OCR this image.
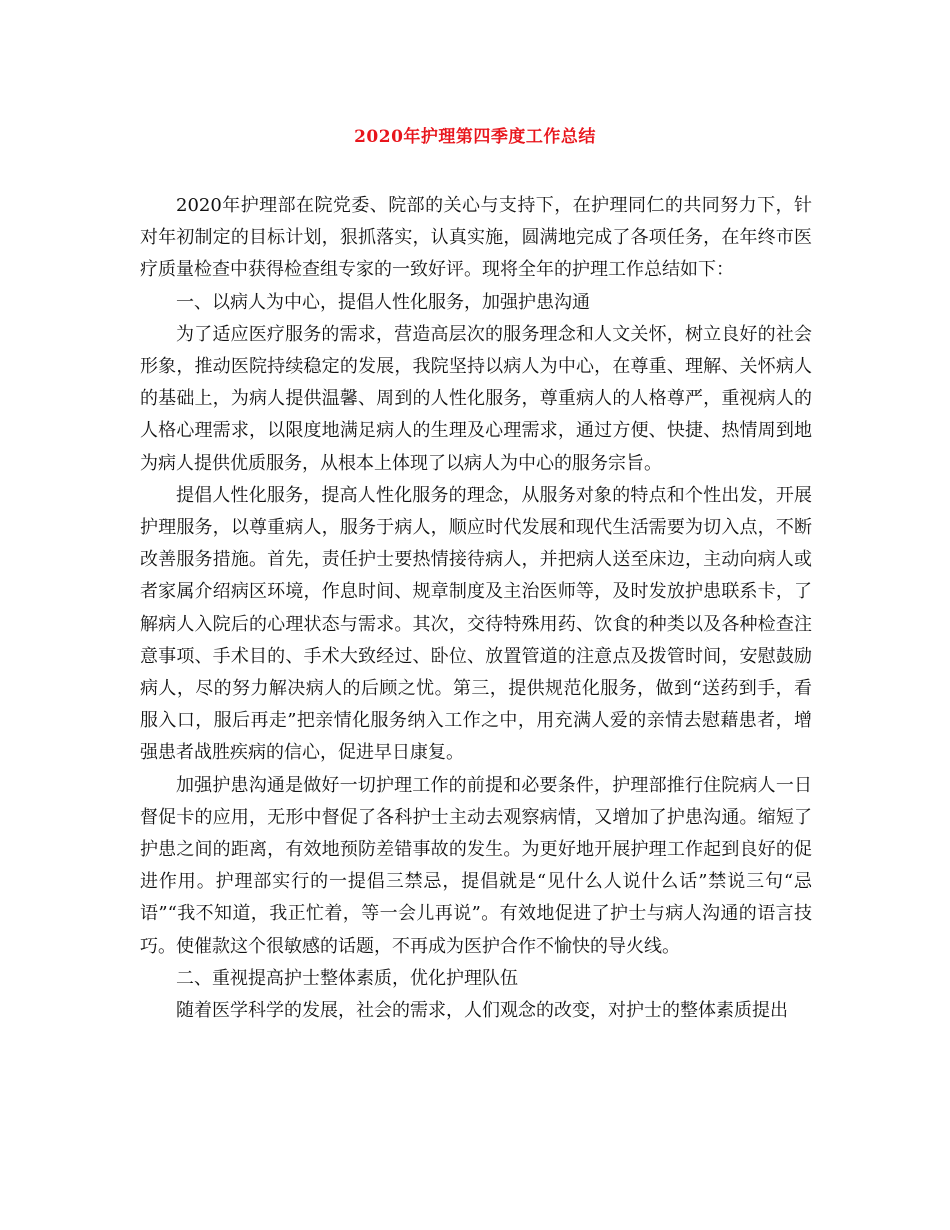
2020年护理第四季度工作总结

2020年护理部在院党委、院部的关心与支持下，在护理同仁的共同努力下，针对年初制定的目标计划，狠抓落实，认真实施，圆满地完成了各项任务，在年终市医疗质量检查中获得检查组专家的一致好评。现将全年的护理工作总结如下：

一、以病人为中心，提倡人性化服务，加强护患沟通

为了适应医疗服务的需求，营造高层次的服务理念和人文关怀，树立良好的社会形象，推动医院持续稳定的发展，我院坚持以病人为中心，在尊重、理解、关怀病人的基础上，为病人提供温馨、周到的人性化服务，尊重病人的人格尊严，重视病人的人格心理需求，以限度地满足病人的生理及心理需求，通过方便、快捷、热情周到地为病人提供优质服务，从根本上体现了以病人为中心的服务宗旨。

提倡人性化服务，提高人性化服务的理念，从服务对象的特点和个性出发，开展护理服务，以尊重病人，服务于病人，顺应时代发展和现代生活需要为切入点，不断改善服务措施。首先，责任护士要热情接待病人，并把病人送至床边，主动向病人或者家属介绍病区环境，作息时间、规章制度及主治医师等，及时发放护患联系卡，了解病人入院后的心理状态与需求。其次，交待特殊用药、饮食的种类以及各种检查注意事项、手术目的、手术大致经过、卧位、放置管道的注意点及拨管时间，安慰鼓励病人，尽的努力解决病人的后顾之忧。第三，提供规范化服务，做到“送药到手，看服入口，服后再走”把亲情化服务纳入工作之中，用充满人爱的亲情去慰藉患者，增强患者战胜疾病的信心，促进早日康复。

加强护患沟通是做好一切护理工作的前提和必要条件，护理部推行住院病人一日督促卡的应用，无形中督促了各科护士主动去观察病情，又增加了护患沟通。缩短了护患之间的距离，有效地预防差错事故的发生。为更好地开展护理工作起到良好的促进作用。护理部实行的一提倡三禁忌，提倡就是“见什么人说什么话”禁说三句“忌语”“我不知道，我正忙着，等一会儿再说”。有效地促进了护士与病人沟通的语言技巧。使催款这个很敏感的话题，不再成为医护合作不愉快的导火线。

二、重视提高护士整体素质，优化护理队伍

随着医学科学的发展，社会的需求，人们观念的改变，对护士的整体素质提出
